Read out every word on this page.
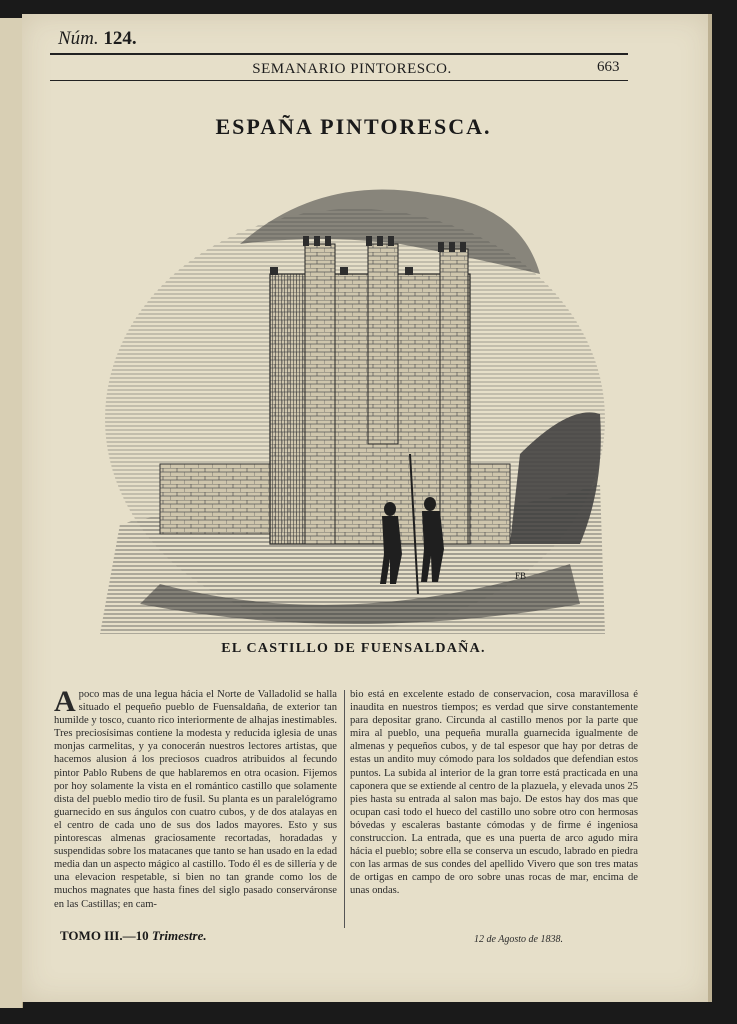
Núm. 124.
SEMANARIO PINTORESCO.	663
ESPAÑA PINTORESCA.
FB
EL CASTILLO DE FUENSALDAÑA.
A poco mas de una legua hácia el Norte de Valladolid se halla situado el pequeño pueblo de Fuensaldaña, de exterior tan humilde y tosco, cuanto rico interiormente de alhajas inestimables. Tres preciosísimas contiene la modesta y reducida iglesia de unas monjas carmelitas, y ya conocerán nuestros lectores artistas, que hacemos alusion á los preciosos cuadros atribuidos al fecundo pintor Pablo Rubens de que hablaremos en otra ocasion. Fijemos por hoy solamente la vista en el romántico castillo que solamente dista del pueblo medio tiro de fusil. Su planta es un paralelógramo guarnecido en sus ángulos con cuatro cubos, y de dos atalayas en el centro de cada uno de sus dos lados mayores. Esto y sus pintorescas almenas graciosamente recortadas, horadadas y suspendidas sobre los matacanes que tanto se han usado en la edad media dan un aspecto mágico al castillo. Todo él es de sillería y de una elevacion respetable, si bien no tan grande como los de muchos magnates que hasta fines del siglo pasado conserváronse en las Castillas; en cam-

bio está en excelente estado de conservacion, cosa maravillosa é inaudita en nuestros tiempos; es verdad que sirve constantemente para depositar grano. Circunda al castillo menos por la parte que mira al pueblo, una pequeña muralla guarnecida igualmente de almenas y pequeños cubos, y de tal espesor que hay por detras de estas un andito muy cómodo para los soldados que defendian estos puntos. La subida al interior de la gran torre está practicada en una caponera que se extiende al centro de la plazuela, y elevada unos 25 pies hasta su entrada al salon mas bajo. De estos hay dos mas que ocupan casi todo el hueco del castillo uno sobre otro con hermosas bóvedas y escaleras bastante cómodas y de firme é ingeniosa construccion. La entrada, que es una puerta de arco agudo mira hácia el pueblo; sobre ella se conserva un escudo, labrado en piedra con las armas de sus condes del apellido Vivero que son tres matas de ortigas en campo de oro sobre unas rocas de mar, encima de unas ondas.

TOMO III.—10 Trimestre.	12 de Agosto de 1838.
